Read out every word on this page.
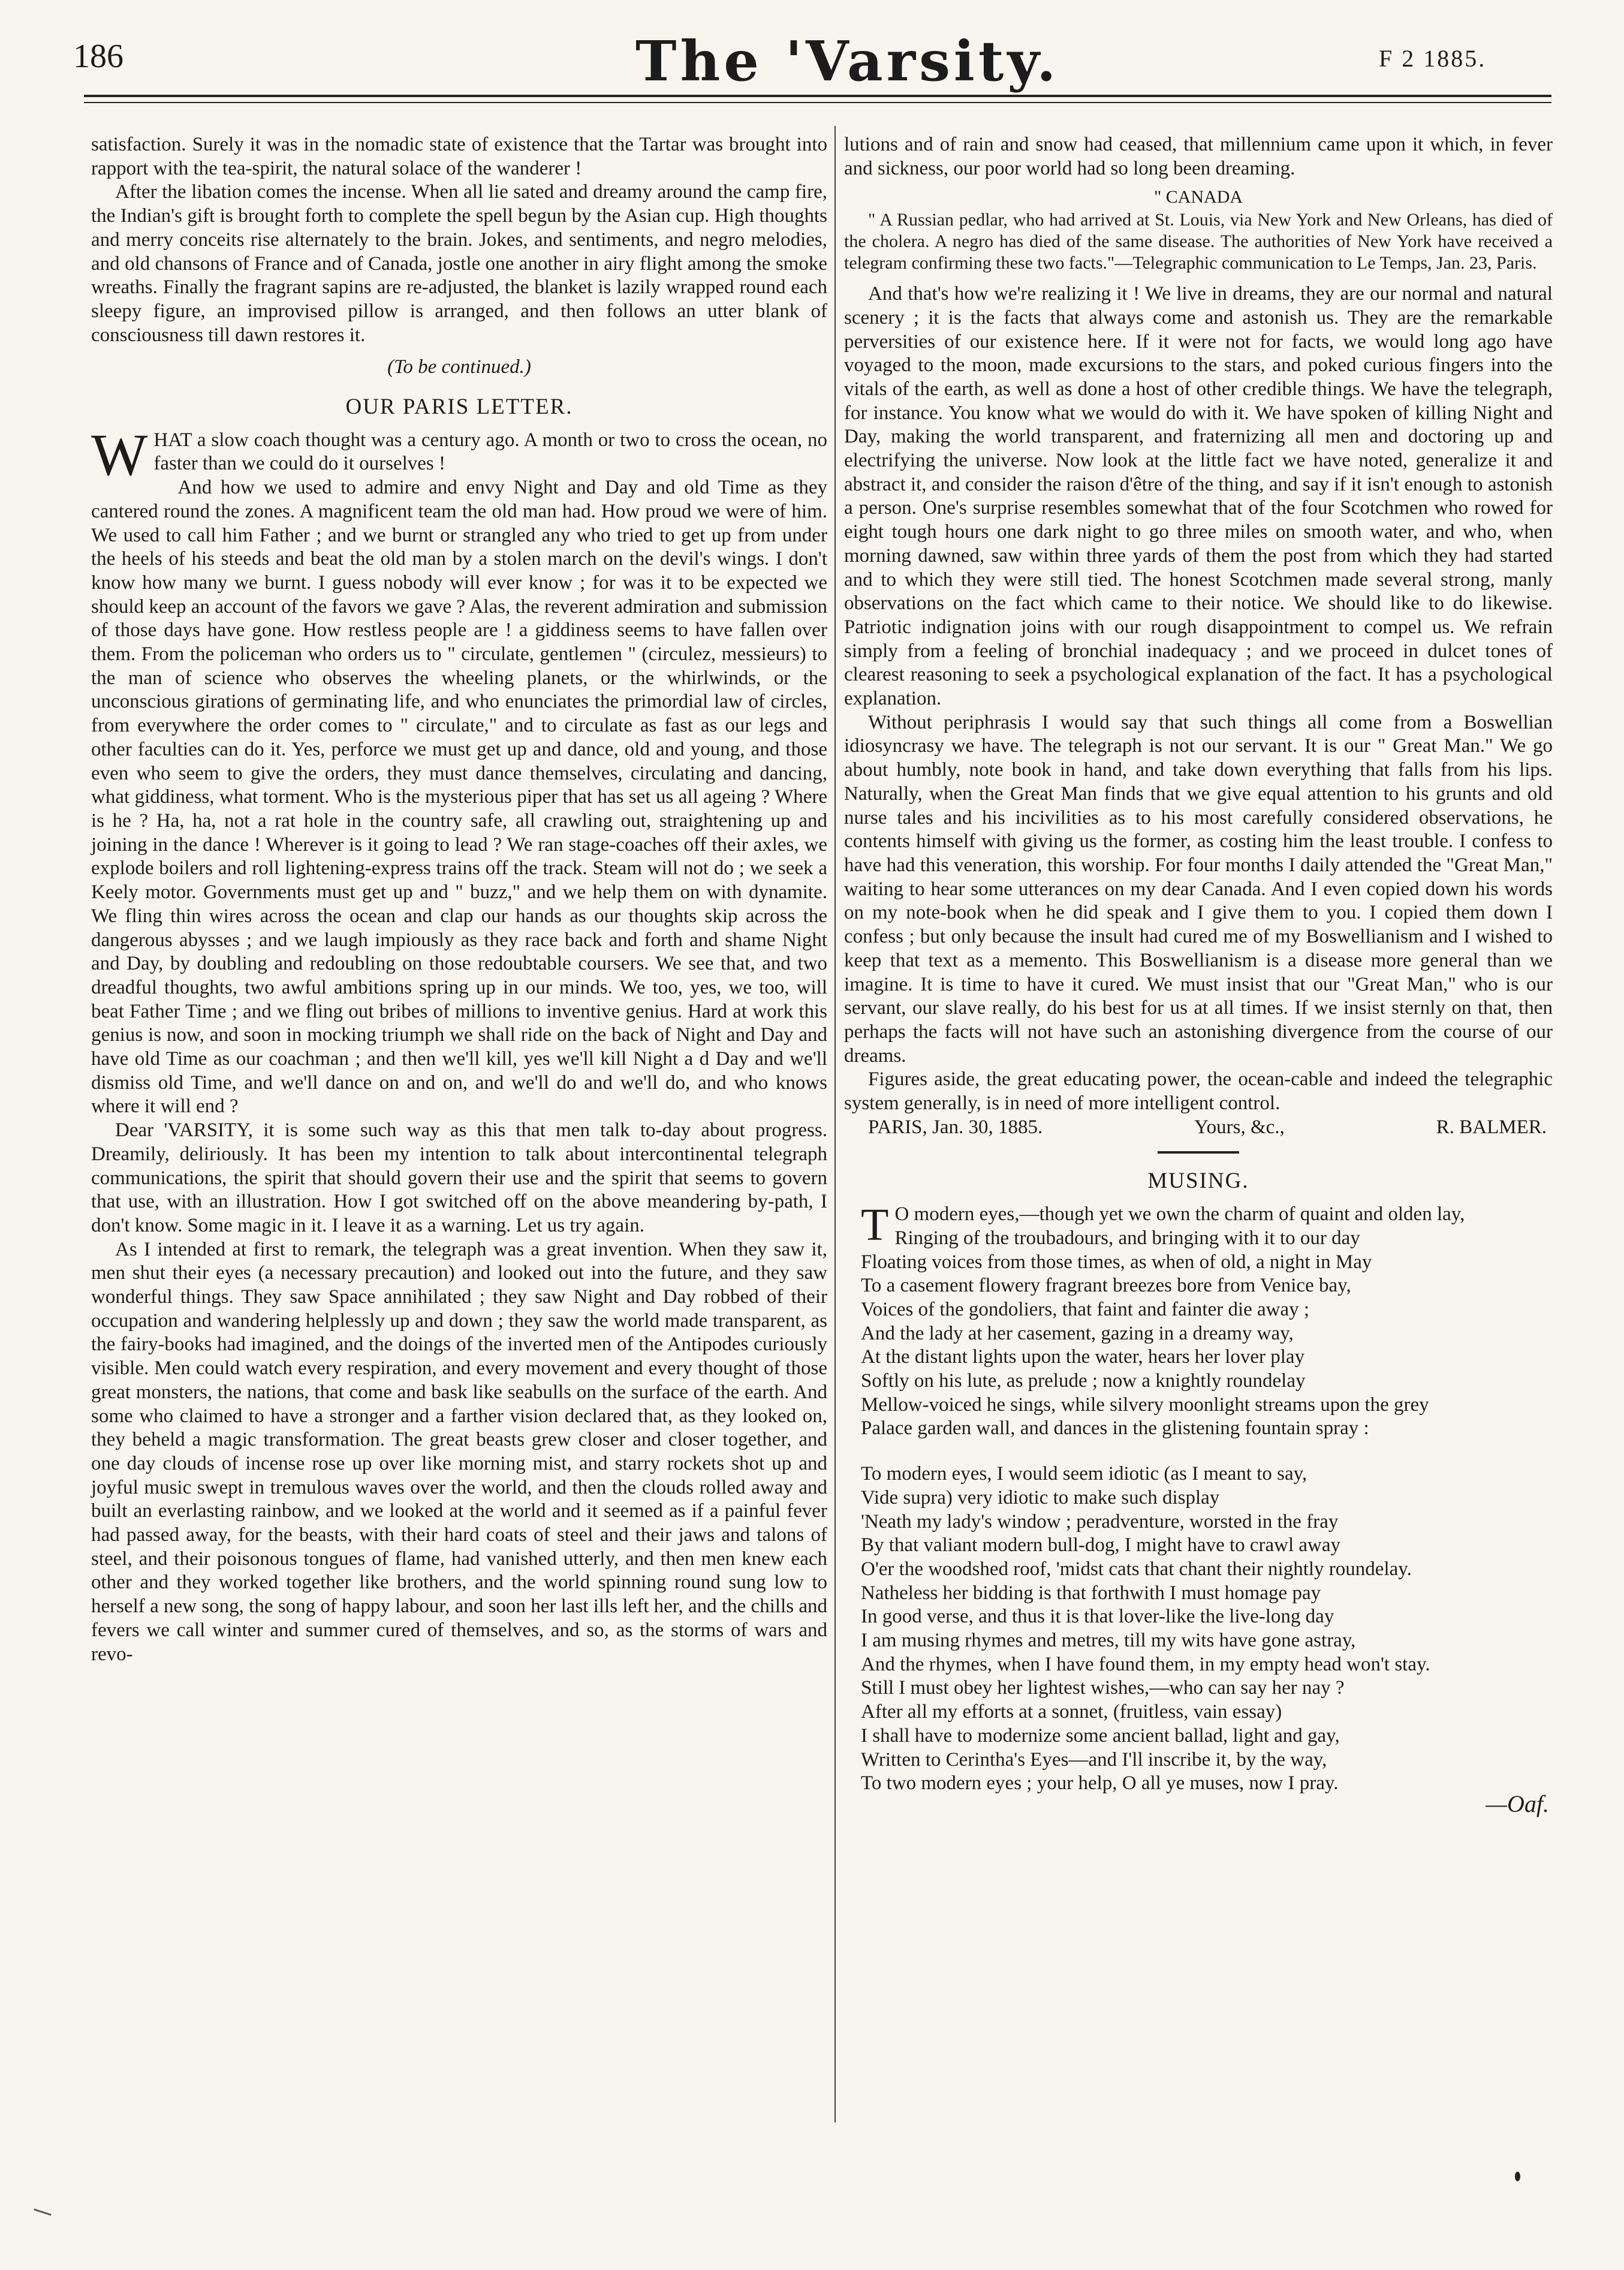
186	The 'Varsity.	F 2 1885.

satisfaction. Surely it was in the nomadic state of existence that the Tartar was brought into rapport with the tea-spirit, the natural solace of the wanderer !

After the libation comes the incense. When all lie sated and dreamy around the camp fire, the Indian's gift is brought forth to complete the spell begun by the Asian cup. High thoughts and merry conceits rise alternately to the brain. Jokes, and sentiments, and negro melodies, and old chansons of France and of Canada, jostle one another in airy flight among the smoke wreaths. Finally the fragrant sapins are re-adjusted, the blanket is lazily wrapped round each sleepy figure, an improvised pillow is arranged, and then follows an utter blank of consciousness till dawn restores it.

(To be continued.)

OUR PARIS LETTER.

WHAT a slow coach thought was a century ago. A month or two to cross the ocean, no faster than we could do it ourselves !

And how we used to admire and envy Night and Day and old Time as they cantered round the zones. A magnificent team the old man had. How proud we were of him. We used to call him Father ; and we burnt or strangled any who tried to get up from under the heels of his steeds and beat the old man by a stolen march on the devil's wings. I don't know how many we burnt. I guess nobody will ever know ; for was it to be expected we should keep an account of the favors we gave ? Alas, the reverent admiration and submission of those days have gone. How restless people are ! a giddiness seems to have fallen over them. From the policeman who orders us to " circulate, gentlemen " (circulez, messieurs) to the man of science who observes the wheeling planets, or the whirlwinds, or the unconscious girations of germinating life, and who enunciates the primordial law of circles, from everywhere the order comes to " circulate," and to circulate as fast as our legs and other faculties can do it. Yes, perforce we must get up and dance, old and young, and those even who seem to give the orders, they must dance themselves, circulating and dancing, what giddiness, what torment. Who is the mysterious piper that has set us all ageing ? Where is he ? Ha, ha, not a rat hole in the country safe, all crawling out, straightening up and joining in the dance ! Wherever is it going to lead ? We ran stage-coaches off their axles, we explode boilers and roll lightening-express trains off the track. Steam will not do ; we seek a Keely motor. Governments must get up and " buzz," and we help them on with dynamite. We fling thin wires across the ocean and clap our hands as our thoughts skip across the dangerous abysses ; and we laugh impiously as they race back and forth and shame Night and Day, by doubling and redoubling on those redoubtable coursers. We see that, and two dreadful thoughts, two awful ambitions spring up in our minds. We too, yes, we too, will beat Father Time ; and we fling out bribes of millions to inventive genius. Hard at work this genius is now, and soon in mocking triumph we shall ride on the back of Night and Day and have old Time as our coachman ; and then we'll kill, yes we'll kill Night a d Day and we'll dismiss old Time, and we'll dance on and on, and we'll do and we'll do, and who knows where it will end ?

Dear 'VARSITY, it is some such way as this that men talk to-day about progress. Dreamily, deliriously. It has been my intention to talk about intercontinental telegraph communications, the spirit that should govern their use and the spirit that seems to govern that use, with an illustration. How I got switched off on the above meandering by-path, I don't know. Some magic in it. I leave it as a warning. Let us try again.

As I intended at first to remark, the telegraph was a great invention. When they saw it, men shut their eyes (a necessary precaution) and looked out into the future, and they saw wonderful things. They saw Space annihilated ; they saw Night and Day robbed of their occupation and wandering helplessly up and down ; they saw the world made transparent, as the fairy-books had imagined, and the doings of the inverted men of the Antipodes curiously visible. Men could watch every respiration, and every movement and every thought of those great monsters, the nations, that come and bask like seabulls on the surface of the earth. And some who claimed to have a stronger and a farther vision declared that, as they looked on, they beheld a magic transformation. The great beasts grew closer and closer together, and one day clouds of incense rose up over like morning mist, and starry rockets shot up and joyful music swept in tremulous waves over the world, and then the clouds rolled away and built an everlasting rainbow, and we looked at the world and it seemed as if a painful fever had passed away, for the beasts, with their hard coats of steel and their jaws and talons of steel, and their poisonous tongues of flame, had vanished utterly, and then men knew each other and they worked together like brothers, and the world spinning round sung low to herself a new song, the song of happy labour, and soon her last ills left her, and the chills and fevers we call winter and summer cured of themselves, and so, as the storms of wars and revo-

lutions and of rain and snow had ceased, that millennium came upon it which, in fever and sickness, our poor world had so long been dreaming.

" CANADA

" A Russian pedlar, who had arrived at St. Louis, via New York and New Orleans, has died of the cholera. A negro has died of the same disease. The authorities of New York have received a telegram confirming these two facts."—Telegraphic communication to Le Temps, Jan. 23, Paris.

And that's how we're realizing it ! We live in dreams, they are our normal and natural scenery ; it is the facts that always come and astonish us. They are the remarkable perversities of our existence here. If it were not for facts, we would long ago have voyaged to the moon, made excursions to the stars, and poked curious fingers into the vitals of the earth, as well as done a host of other credible things. We have the telegraph, for instance. You know what we would do with it. We have spoken of killing Night and Day, making the world transparent, and fraternizing all men and doctoring up and electrifying the universe. Now look at the little fact we have noted, generalize it and abstract it, and consider the raison d'être of the thing, and say if it isn't enough to astonish a person. One's surprise resembles somewhat that of the four Scotchmen who rowed for eight tough hours one dark night to go three miles on smooth water, and who, when morning dawned, saw within three yards of them the post from which they had started and to which they were still tied. The honest Scotchmen made several strong, manly observations on the fact which came to their notice. We should like to do likewise. Patriotic indignation joins with our rough disappointment to compel us. We refrain simply from a feeling of bronchial inadequacy ; and we proceed in dulcet tones of clearest reasoning to seek a psychological explanation of the fact. It has a psychological explanation.

Without periphrasis I would say that such things all come from a Boswellian idiosyncrasy we have. The telegraph is not our servant. It is our " Great Man." We go about humbly, note book in hand, and take down everything that falls from his lips. Naturally, when the Great Man finds that we give equal attention to his grunts and old nurse tales and his incivilities as to his most carefully considered observations, he contents himself with giving us the former, as costing him the least trouble. I confess to have had this veneration, this worship. For four months I daily attended the "Great Man," waiting to hear some utterances on my dear Canada. And I even copied down his words on my note-book when he did speak and I give them to you. I copied them down I confess ; but only because the insult had cured me of my Boswellianism and I wished to keep that text as a memento. This Boswellianism is a disease more general than we imagine. It is time to have it cured. We must insist that our "Great Man," who is our servant, our slave really, do his best for us at all times. If we insist sternly on that, then perhaps the facts will not have such an astonishing divergence from the course of our dreams.

Figures aside, the great educating power, the ocean-cable and indeed the telegraphic system generally, is in need of more intelligent control.

PARIS, Jan. 30, 1885.	Yours, &c.,	R. BALMER.
MUSING.

T O modern eyes,—though yet we own the charm of quaint and olden lay,

Ringing of the troubadours, and bringing with it to our day

Floating voices from those times, as when of old, a night in May

To a casement flowery fragrant breezes bore from Venice bay,

Voices of the gondoliers, that faint and fainter die away ;

And the lady at her casement, gazing in a dreamy way,

At the distant lights upon the water, hears her lover play

Softly on his lute, as prelude ; now a knightly roundelay

Mellow-voiced he sings, while silvery moonlight streams upon the grey

Palace garden wall, and dances in the glistening fountain spray :

To modern eyes, I would seem idiotic (as I meant to say,

Vide supra) very idiotic to make such display

'Neath my lady's window ; peradventure, worsted in the fray

By that valiant modern bull-dog, I might have to crawl away

O'er the woodshed roof, 'midst cats that chant their nightly roundelay.

Natheless her bidding is that forthwith I must homage pay

In good verse, and thus it is that lover-like the live-long day

I am musing rhymes and metres, till my wits have gone astray,

And the rhymes, when I have found them, in my empty head won't stay.

Still I must obey her lightest wishes,—who can say her nay ?

After all my efforts at a sonnet, (fruitless, vain essay)

I shall have to modernize some ancient ballad, light and gay,

Written to Cerintha's Eyes—and I'll inscribe it, by the way,

To two modern eyes ; your help, O all ye muses, now I pray.

—Oaf.
